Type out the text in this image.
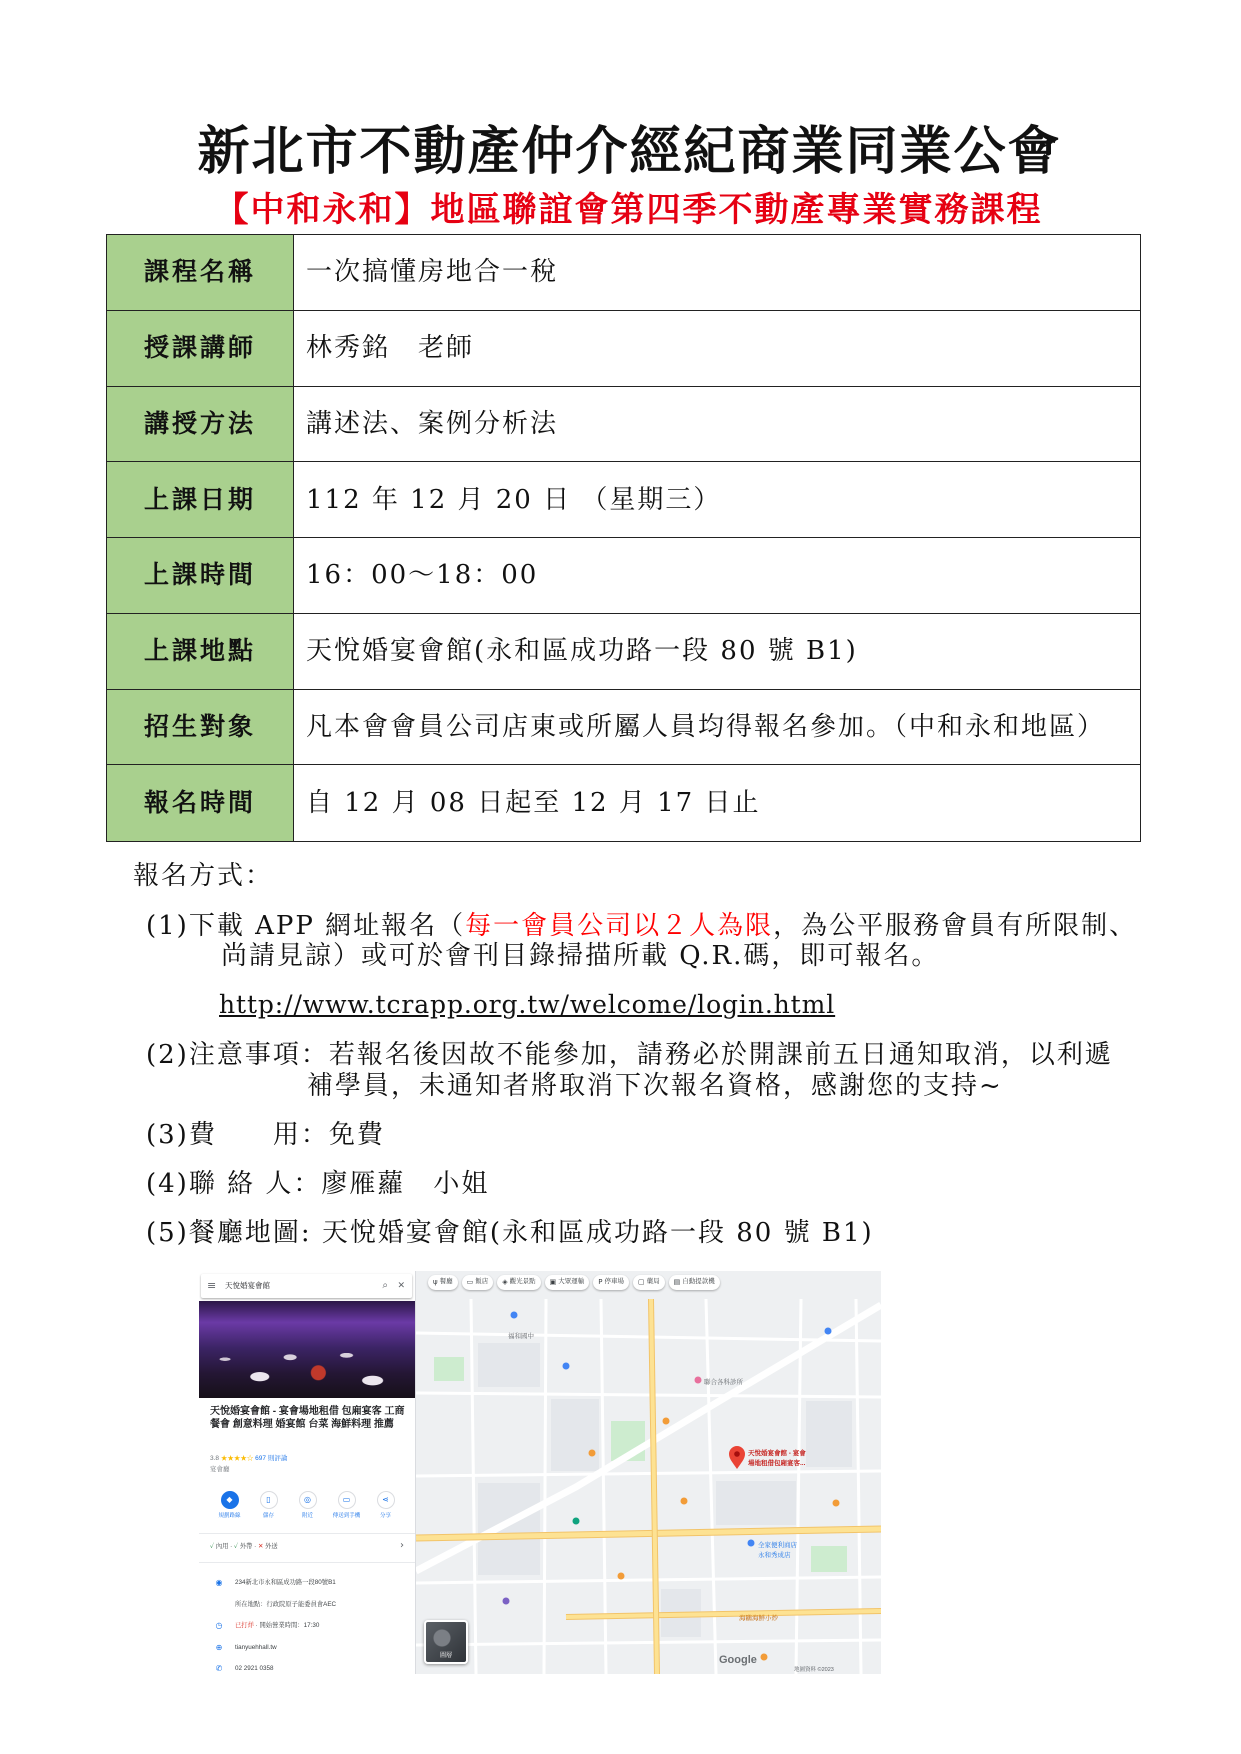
新北市不動產仲介經紀商業同業公會
【中和永和】地區聯誼會第四季不動產專業實務課程
課程名稱	一次搞懂房地合一稅
授課講師	林秀銘　老師
講授方法	講述法、案例分析法
上課日期	112 年 12 月 20 日 （星期三）
上課時間	16：00～18：00
上課地點	天悅婚宴會館(永和區成功路一段 80 號 B1)
招生對象	凡本會會員公司店東或所屬人員均得報名參加。（中和永和地區）
報名時間	自 12 月 08 日起至 12 月 17 日止

報名方式：

(1)下載 APP 網址報名（每一會員公司以２人為限，為公平服務會員有所限制、

尚請見諒）或可於會刊目錄掃描所載 Q.R.碼，即可報名。

http://www.tcrapp.org.tw/welcome/login.html

(2)注意事項：若報名後因故不能參加，請務必於開課前五日通知取消，以利遞

補學員，未通知者將取消下次報名資格，感謝您的支持~

(3)費　　用：免費

(4)聯 絡 人：廖雁蘿　小姐

(5)餐廳地圖: 天悅婚宴會館(永和區成功路一段 80 號 B1)

≡ 天悅婚宴會館	⌕ ✕

天悅婚宴會館 - 宴會場地租借 包廂宴客 工商餐會 創意料理 婚宴館 台菜 海鮮料理 推薦

3.8 ★★★★☆ 697 則評論
宴會廳
◆
規劃路線
▯
儲存
◎
附近
▭
傳送到手機
⋖
分享
✓ 內用 · ✓ 外帶 · ✕ 外送	›
◉	234新北市永和區成功路一段80號B1
所在地點：行政院原子能委員會AEC
◷	已打烊 · 開始營業時間：17:30
⊕	tianyuehhall.tw
✆	02 2921 0358
福和國中
聯合各科診所
全家便利商店
永和秀成店
海鷗海鮮小炒
天悅婚宴會館 - 宴會
場地租借包廂宴客...
Google
地圖資料 ©2023
ψ 餐廳 ▭ 飯店 ◈ 觀光景點 ▣ 大眾運輸 P 停車場 ▢ 藥局 ▤ 自動提款機
圖層
